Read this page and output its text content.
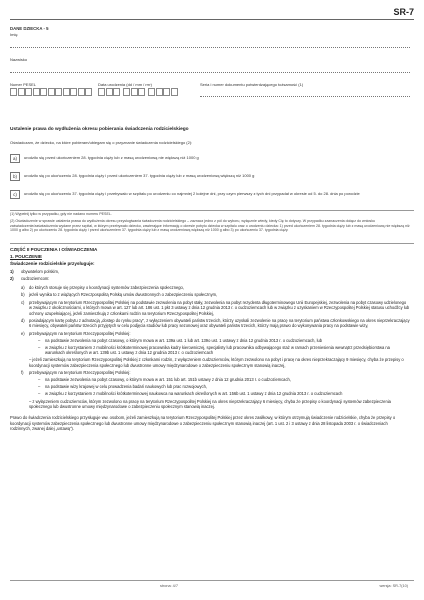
SR-7
DANE DZIECKA - 5
Imię
Nazwisko
Numer PESEL	Data urodzenia (dd / mm / rrrr)	Seria i numer dokumentu potwierdzającego tożsamość (1)
Ustalenie prawa do wydłużenia okresu pobierania świadczenia rodzicielskiego
Oświadczam, że dziecko, na które pobieram/ubiegam się o przyznanie świadczenia rodzicielskiego (2):
a)	urodziło się przed ukończeniem 28. tygodnia ciąży lub z masą urodzeniową nie większą niż 1000 g
b)	urodziło się po ukończeniu 28. tygodnia ciąży i przed ukończeniem 37. tygodnia ciąży lub z masą urodzeniową większą niż 1000 g
c)	urodziło się po ukończeniu 37. tygodnia ciąży i przebywało w szpitalu po urodzeniu co najmniej 2 kolejne dni, przy czym pierwszy z tych dni przypadał w okresie od 5. do 28. dnia po porodzie
(1) Wypełnij tylko w przypadku, gdy nie nadano numeru PESEL.
(2) Oświadczenie w sprawie ustalenia prawa do wydłużenia okresu przysługiwania świadczenia rodzicielskiego – zaznacz jedno z pól do wyboru, wyłącznie wtedy, kiedy Cię to dotyczy. W przypadku zaznaczenia dołącz do wniosku zaświadczenie/zaświadczenia wydane przez szpital, w którym przebywało dziecko, zawierające informację o okresie pobytu dziecka w szpitalu oraz o urodzeniu dziecka: 1) przed ukończeniem 28. tygodnia ciąży lub z masą urodzeniową nie większą niż 1000 g albo 2) po ukończeniu 28. tygodnia ciąży i przed ukończeniem 37. tygodnia ciąży lub z masą urodzeniową większą niż 1000 g albo 3) po ukończeniu 37. tygodnia ciąży.
CZĘŚĆ II POUCZENIA I OŚWIADCZENIA
1. POUCZENIE
Świadczenie rodzicielskie przysługuje:
1)	obywatelom polskim,
2)	cudzoziemcom:
a)	do których stosuje się przepisy o koordynacji systemów zabezpieczenia społecznego,
b)	jeżeli wynika to z wiążących Rzeczpospolitą Polską umów dwustronnych o zabezpieczeniu społecznym,
c)	przebywającym na terytorium Rzeczypospolitej Polskiej na podstawie zezwolenia na pobyt stały, zezwolenia na pobyt rezydenta długoterminowego Unii Europejskiej, zezwolenia na pobyt czasowy udzielonego w związku z okolicznościami, o których mowa w art. 127 lub art. 186 ust. 1 pkt 3 ustawy z dnia 12 grudnia 2013 r. o cudzoziemcach lub w związku z uzyskaniem w Rzeczypospolitej Polskiej statusu uchodźcy lub ochrony uzupełniającej, jeżeli zamieszkują z członkami rodzin na terytorium Rzeczypospolitej Polskiej,
d)	posiadającym kartę pobytu z adnotacją „dostęp do rynku pracy”, z wyłączeniem obywateli państw trzecich, którzy uzyskali zezwolenie na pracę na terytorium państwa członkowskiego na okres nieprzekraczający 6 miesięcy, obywateli państw trzecich przyjętych w celu podjęcia studiów lub pracy sezonowej oraz obywateli państw trzecich, którzy mają prawo do wykonywania pracy na podstawie wizy,
e)	przebywającym na terytorium Rzeczypospolitej Polskiej:
–	na podstawie zezwolenia na pobyt czasowy, o którym mowa w art. 139a ust. 1 lub art. 139o ust. 1 ustawy z dnia 12 grudnia 2013 r. o cudzoziemcach, lub
–	w związku z korzystaniem z mobilności krótkoterminowej pracownika kadry kierowniczej, specjalisty lub pracownika odbywającego staż w ramach przeniesienia wewnątrz przedsiębiorstwa na warunkach określonych w art. 139b ust. 1 ustawy z dnia 12 grudnia 2013 r. o cudzoziemcach
– jeżeli zamieszkują na terytorium Rzeczypospolitej Polskiej z członkami rodzin, z wyłączeniem cudzoziemców, którym zezwolono na pobyt i pracę na okres nieprzekraczający 9 miesięcy, chyba że przepisy o koordynacji systemów zabezpieczenia społecznego lub dwustronne umowy międzynarodowe o zabezpieczeniu społecznym stanowią inaczej,
f)	przebywającym na terytorium Rzeczypospolitej Polskiej:
–	na podstawie zezwolenia na pobyt czasowy, o którym mowa w art. 151 lub art. 151b ustawy z dnia 12 grudnia 2013 r. o cudzoziemcach,
–	na podstawie wizy krajowej w celu prowadzenia badań naukowych lub prac rozwojowych,
–	w związku z korzystaniem z mobilności krótkoterminowej naukowca na warunkach określonych w art. 156b ust. 1 ustawy z dnia 12 grudnia 2013 r. o cudzoziemcach
– z wyłączeniem cudzoziemców, którym zezwolono na pracę na terytorium Rzeczypospolitej Polskiej na okres nieprzekraczający 6 miesięcy, chyba że przepisy o koordynacji systemów zabezpieczenia społecznego lub dwustronne umowy międzynarodowe o zabezpieczeniu społecznym stanowią inaczej.
Prawo do świadczenia rodzicielskiego przysługuje ww. osobom, jeżeli zamieszkują na terytorium Rzeczypospolitej Polskiej przez okres zasiłkowy, w którym otrzymują świadczenie rodzicielskie, chyba że przepisy o koordynacji systemów zabezpieczenia społecznego lub dwustronne umowy międzynarodowe o zabezpieczeniu społecznym stanowią inaczej (art. 1 ust. 2 i 3 ustawy z dnia 28 listopada 2003 r. o świadczeniach rodzinnych, zwanej dalej „ustawą”).
strona: 4/7	wersja: SR-7(10)
